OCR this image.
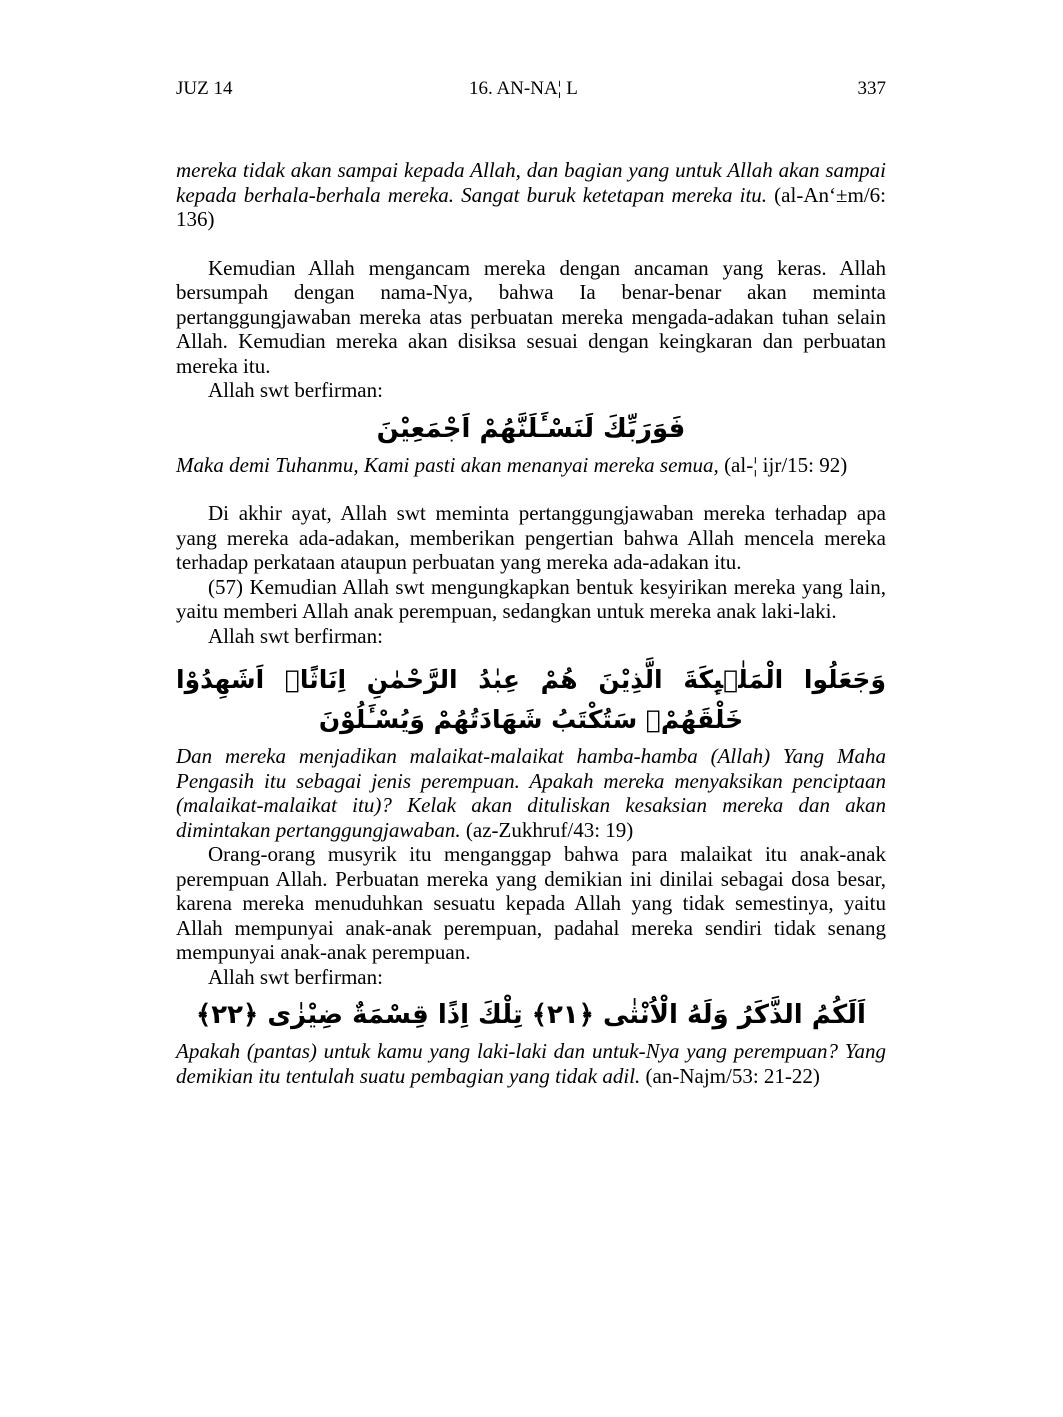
JUZ 14	16. AN-NA¦ L	337

mereka tidak akan sampai kepada Allah, dan bagian yang untuk Allah akan sampai kepada berhala-berhala mereka. Sangat buruk ketetapan mereka itu. (al-An‘±m/6: 136)

Kemudian Allah mengancam mereka dengan ancaman yang keras. Allah bersumpah dengan nama-Nya, bahwa Ia benar-benar akan meminta pertanggungjawaban mereka atas perbuatan mereka mengada-adakan tuhan selain Allah. Kemudian mereka akan disiksa sesuai dengan keingkaran dan perbuatan mereka itu.

Allah swt berfirman:

فَوَرَبِّكَ لَنَسْـَٔلَنَّهُمْ اَجْمَعِيْنَ

Maka demi Tuhanmu, Kami pasti akan menanyai mereka semua, (al-¦ ijr/15: 92)

Di akhir ayat, Allah swt meminta pertanggungjawaban mereka terhadap apa yang mereka ada-adakan, memberikan pengertian bahwa Allah mencela mereka terhadap perkataan ataupun perbuatan yang mereka ada-adakan itu.

(57) Kemudian Allah swt mengungkapkan bentuk kesyirikan mereka yang lain, yaitu memberi Allah anak perempuan, sedangkan untuk mereka anak laki-laki.

Allah swt berfirman:

وَجَعَلُوا الْمَلٰۤىِٕكَةَ الَّذِيْنَ هُمْ عِبٰدُ الرَّحْمٰنِ اِنَاثًاۗ اَشَهِدُوْا خَلْقَهُمْۗ سَتُكْتَبُ شَهَادَتُهُمْ وَيُسْـَٔلُوْنَ

Dan mereka menjadikan malaikat-malaikat hamba-hamba (Allah) Yang Maha Pengasih itu sebagai jenis perempuan. Apakah mereka menyaksikan penciptaan (malaikat-malaikat itu)? Kelak akan dituliskan kesaksian mereka dan akan dimintakan pertanggungjawaban. (az-Zukhruf/43: 19)

Orang-orang musyrik itu menganggap bahwa para malaikat itu anak-anak perempuan Allah. Perbuatan mereka yang demikian ini dinilai sebagai dosa besar, karena mereka menuduhkan sesuatu kepada Allah yang tidak semestinya, yaitu Allah mempunyai anak-anak perempuan, padahal mereka sendiri tidak senang mempunyai anak-anak perempuan.

Allah swt berfirman:

اَلَكُمُ الذَّكَرُ وَلَهُ الْاُنْثٰى ﴿٢١﴾ تِلْكَ اِذًا قِسْمَةٌ ضِيْزٰى ﴿٢٢﴾

Apakah (pantas) untuk kamu yang laki-laki dan untuk-Nya yang perempuan? Yang demikian itu tentulah suatu pembagian yang tidak adil. (an-Najm/53: 21-22)
